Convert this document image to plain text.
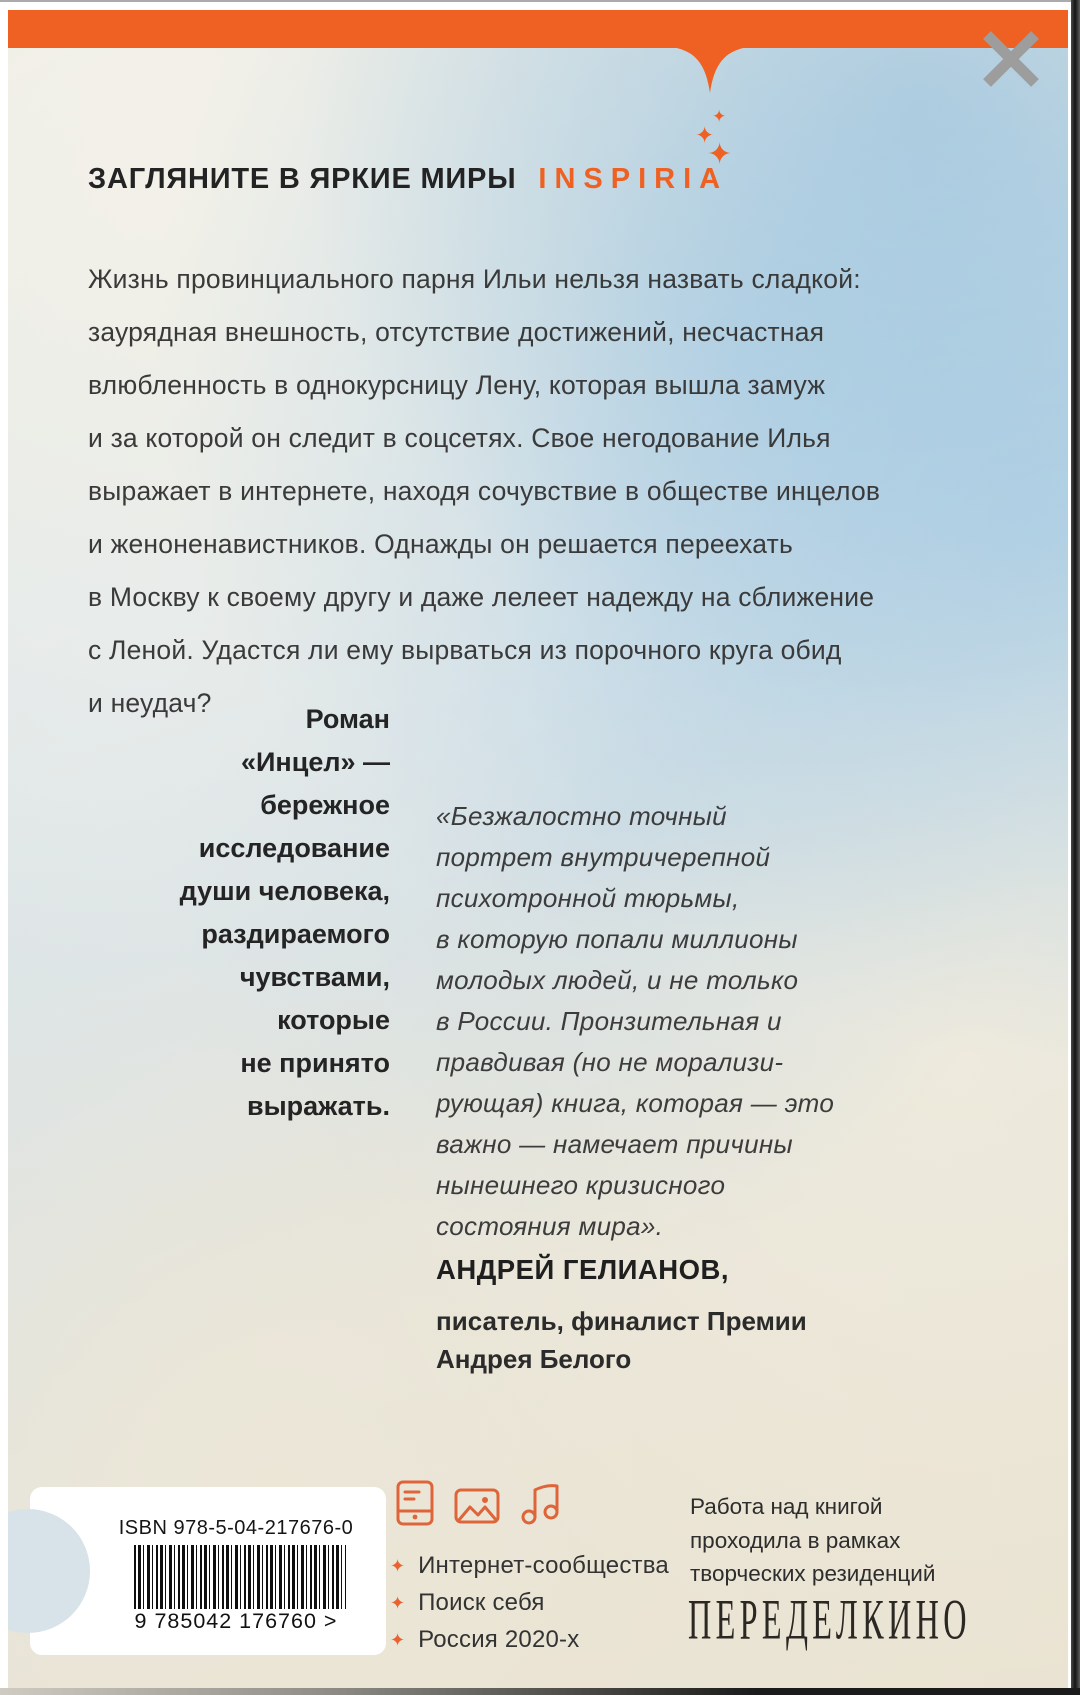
✦
✦
✦
ЗАГЛЯНИТЕ В ЯРКИЕ МИРЫ INSPIRIA
Жизнь провинциального парня Ильи нельзя назвать сладкой:
заурядная внешность, отсутствие достижений, несчастная
влюбленность в однокурсницу Лену, которая вышла замуж
и за которой он следит в соцсетях. Свое негодование Илья
выражает в интернете, находя сочувствие в обществе инцелов
и женоненавистников. Однажды он решается переехать
в Москву к своему другу и даже лелеет надежду на сближение
с Леной. Удастся ли ему вырваться из порочного круга обид
и неудач?
Роман
«Инцел» —
бережное
исследование
души человека,
раздираемого
чувствами,
которые
не принято
выражать.
«Безжалостно точный
портрет внутричерепной
психотронной тюрьмы,
в которую попали миллионы
молодых людей, и не только
в России. Пронзительная и
правдивая (но не морализи-
рующая) книга, которая — это
важно — намечает причины
нынешнего кризисного
состояния мира».
АНДРЕЙ ГЕЛИАНОВ,
писатель, финалист Премии
Андрея Белого
ISBN 978-5-04-217676-0
9 785042 176760 >
✦ Интернет-сообщества
✦ Поиск себя
✦ Россия 2020-х
Работа над книгой
проходила в рамках
творческих резиденций
ПЕРЕДЕЛКИНО
